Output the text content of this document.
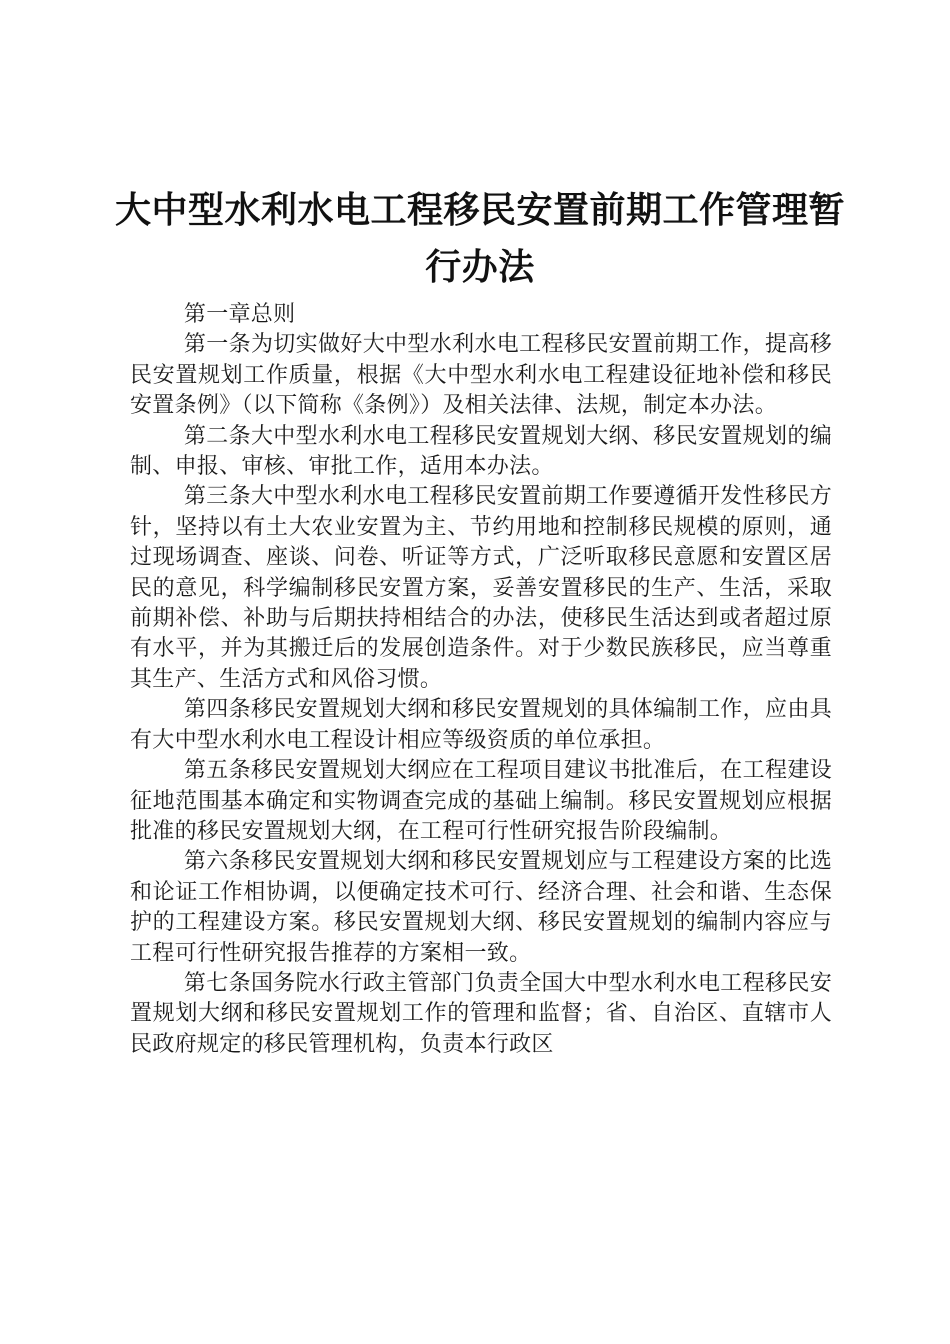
大中型水利水电工程移民安置前期工作管理暂行办法

第一章总则

第一条为切实做好大中型水利水电工程移民安置前期工作，提高移民安置规划工作质量，根据《大中型水利水电工程建设征地补偿和移民安置条例》（以下简称《条例》）及相关法律、法规，制定本办法。

第二条大中型水利水电工程移民安置规划大纲、移民安置规划的编制、申报、审核、审批工作，适用本办法。

第三条大中型水利水电工程移民安置前期工作要遵循开发性移民方针，坚持以有土大农业安置为主、节约用地和控制移民规模的原则，通过现场调查、座谈、问卷、听证等方式，广泛听取移民意愿和安置区居民的意见，科学编制移民安置方案，妥善安置移民的生产、生活，采取前期补偿、补助与后期扶持相结合的办法，使移民生活达到或者超过原有水平，并为其搬迁后的发展创造条件。对于少数民族移民，应当尊重其生产、生活方式和风俗习惯。

第四条移民安置规划大纲和移民安置规划的具体编制工作，应由具有大中型水利水电工程设计相应等级资质的单位承担。

第五条移民安置规划大纲应在工程项目建议书批准后，在工程建设征地范围基本确定和实物调查完成的基础上编制。移民安置规划应根据批准的移民安置规划大纲，在工程可行性研究报告阶段编制。

第六条移民安置规划大纲和移民安置规划应与工程建设方案的比选和论证工作相协调，以便确定技术可行、经济合理、社会和谐、生态保护的工程建设方案。移民安置规划大纲、移民安置规划的编制内容应与工程可行性研究报告推荐的方案相一致。

第七条国务院水行政主管部门负责全国大中型水利水电工程移民安置规划大纲和移民安置规划工作的管理和监督；省、自治区、直辖市人民政府规定的移民管理机构，负责本行政区
